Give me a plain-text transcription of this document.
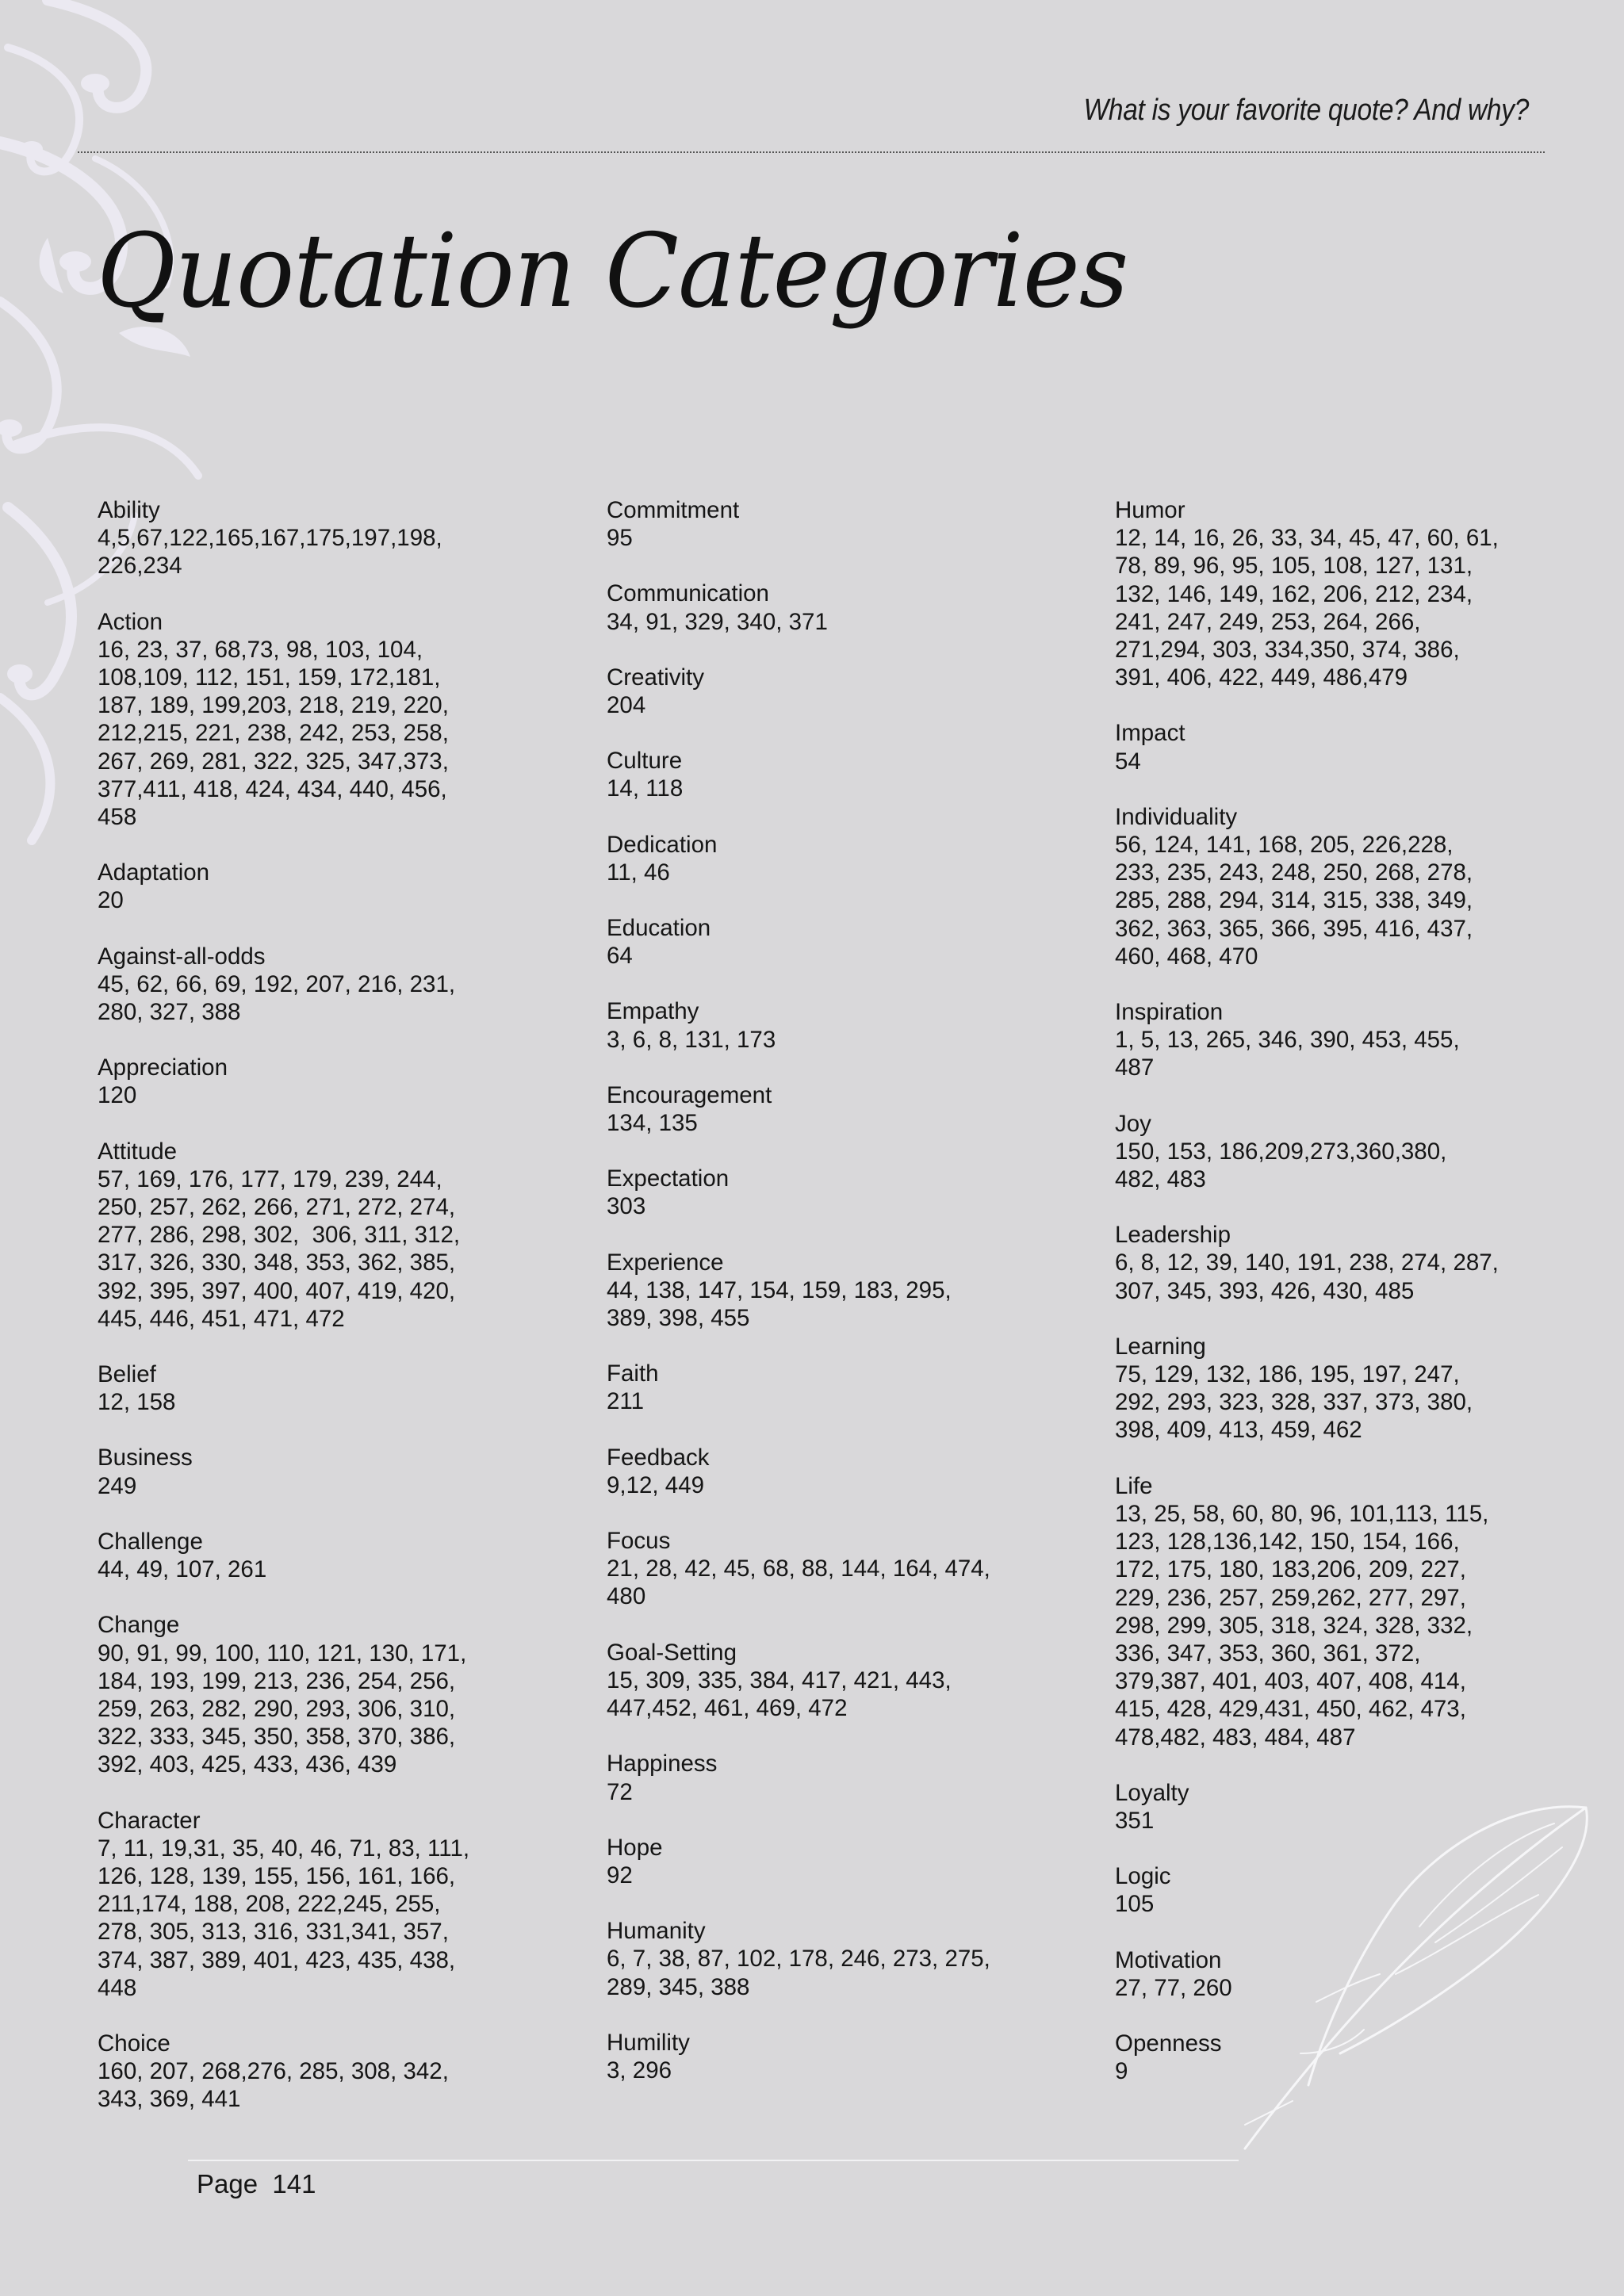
What is your favorite quote? And why?
Quotation Categories
Ability
4,5,67,122,165,167,175,197,198,
226,234
Action
16, 23, 37, 68,73, 98, 103, 104,
108,109, 112, 151, 159, 172,181,
187, 189, 199,203, 218, 219, 220,
212,215, 221, 238, 242, 253, 258,
267, 269, 281, 322, 325, 347,373,
377,411, 418, 424, 434, 440, 456,
458
Adaptation
20
Against-all-odds
45, 62, 66, 69, 192, 207, 216, 231,
280, 327, 388
Appreciation
120
Attitude
57, 169, 176, 177, 179, 239, 244,
250, 257, 262, 266, 271, 272, 274,
277, 286, 298, 302,  306, 311, 312,
317, 326, 330, 348, 353, 362, 385,
392, 395, 397, 400, 407, 419, 420,
445, 446, 451, 471, 472
Belief
12, 158
Business
249
Challenge
44, 49, 107, 261
Change
90, 91, 99, 100, 110, 121, 130, 171,
184, 193, 199, 213, 236, 254, 256,
259, 263, 282, 290, 293, 306, 310,
322, 333, 345, 350, 358, 370, 386,
392, 403, 425, 433, 436, 439
Character
7, 11, 19,31, 35, 40, 46, 71, 83, 111,
126, 128, 139, 155, 156, 161, 166,
211,174, 188, 208, 222,245, 255,
278, 305, 313, 316, 331,341, 357,
374, 387, 389, 401, 423, 435, 438,
448
Choice
160, 207, 268,276, 285, 308, 342,
343, 369, 441
Commitment
95
Communication
34, 91, 329, 340, 371
Creativity
204
Culture
14, 118
Dedication
11, 46
Education
64
Empathy
3, 6, 8, 131, 173
Encouragement
134, 135
Expectation
303
Experience
44, 138, 147, 154, 159, 183, 295,
389, 398, 455
Faith
211
Feedback
9,12, 449
Focus
21, 28, 42, 45, 68, 88, 144, 164, 474,
480
Goal-Setting
15, 309, 335, 384, 417, 421, 443,
447,452, 461, 469, 472
Happiness
72
Hope
92
Humanity
6, 7, 38, 87, 102, 178, 246, 273, 275,
289, 345, 388
Humility
3, 296
Humor
12, 14, 16, 26, 33, 34, 45, 47, 60, 61,
78, 89, 96, 95, 105, 108, 127, 131,
132, 146, 149, 162, 206, 212, 234,
241, 247, 249, 253, 264, 266,
271,294, 303, 334,350, 374, 386,
391, 406, 422, 449, 486,479
Impact
54
Individuality
56, 124, 141, 168, 205, 226,228,
233, 235, 243, 248, 250, 268, 278,
285, 288, 294, 314, 315, 338, 349,
362, 363, 365, 366, 395, 416, 437,
460, 468, 470
Inspiration
1, 5, 13, 265, 346, 390, 453, 455,
487
Joy
150, 153, 186,209,273,360,380,
482, 483
Leadership
6, 8, 12, 39, 140, 191, 238, 274, 287,
307, 345, 393, 426, 430, 485
Learning
75, 129, 132, 186, 195, 197, 247,
292, 293, 323, 328, 337, 373, 380,
398, 409, 413, 459, 462
Life
13, 25, 58, 60, 80, 96, 101,113, 115,
123, 128,136,142, 150, 154, 166,
172, 175, 180, 183,206, 209, 227,
229, 236, 257, 259,262, 277, 297,
298, 299, 305, 318, 324, 328, 332,
336, 347, 353, 360, 361, 372,
379,387, 401, 403, 407, 408, 414,
415, 428, 429,431, 450, 462, 473,
478,482, 483, 484, 487
Loyalty
351
Logic
105
Motivation
27, 77, 260
Openness
9
Page  141
